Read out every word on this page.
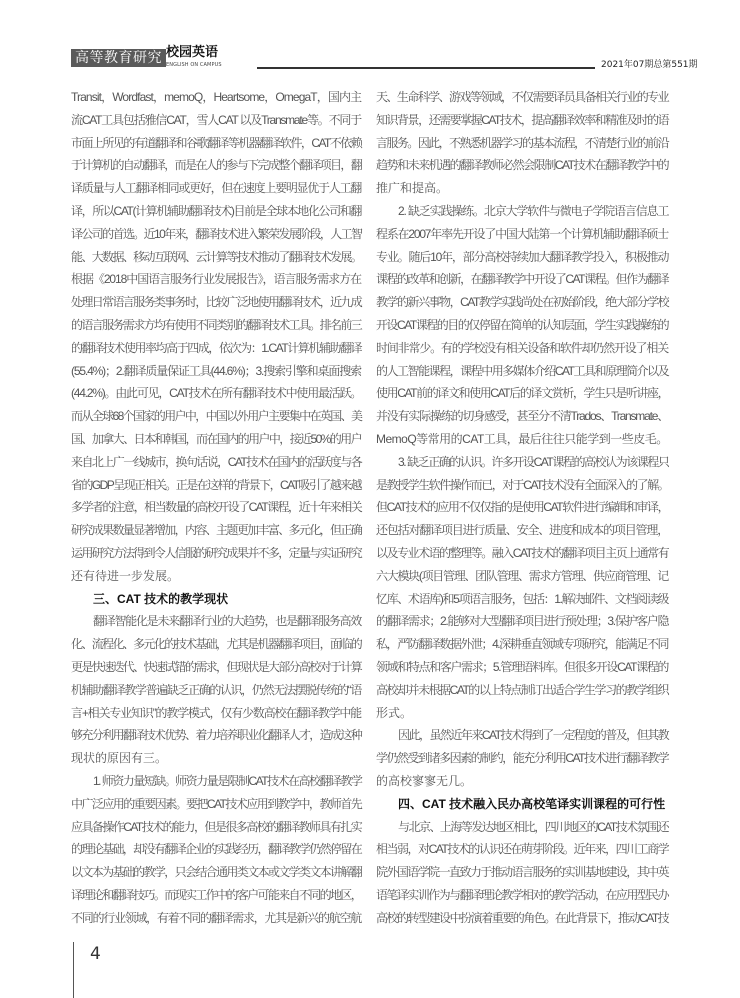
高等教育研究 校园英语
ENGLISH ON CAMPUS	2021年07期总第551期
Transit，Wordfast，memoQ，Heartsome，OmegaT，国内主
流CAT工具包括雅信CAT，雪人CAT 以及Transmate等。不同于
市面上所见的有道翻译和谷歌翻译等机器翻译软件，CAT不依赖
于计算机的自动翻译，而是在人的参与下完成整个翻译项目，翻
译质量与人工翻译相同或更好，但在速度上要明显优于人工翻
译，所以CAT(计算机辅助翻译技术)目前是全球本地化公司和翻
译公司的首选。近10年来，翻译技术进入繁荣发展阶段，人工智
能、大数据、移动互联网、云计算等技术推动了翻译技术发展。
根据《2018中国语言服务行业发展报告》，语言服务需求方在
处理日常语言服务类事务时，比较广泛地使用翻译技术，近九成
的语言服务需求方均有使用不同类别的翻译技术工具。排名前三
的翻译技术使用率均高于四成，依次为：1.CAT计算机辅助翻译
(55.4%)；2.翻译质量保证工具(44.6%)；3.搜索引擎和桌面搜索
(44.2%)。由此可见，CAT技术在所有翻译技术中使用最活跃。
而从全球68个国家的用户中，中国以外用户主要集中在英国、美
国、加拿大、日本和韩国，而在国内的用户中，接近50%的用户
来自北上广一线城市，换句话说，CAT技术在国内的活跃度与各
省的GDP呈现正相关。正是在这样的背景下，CAT吸引了越来越
多学者的注意，相当数量的高校开设了CAT课程，近十年来相关
研究成果数量显著增加，内容、主题更加丰富、多元化，但正确
运用研究方法得到令人信服的研究成果并不多，定量与实证研究
还有待进一步发展。
三、CAT 技术的教学现状
翻译智能化是未来翻译行业的大趋势，也是翻译服务高效
化、流程化、多元化的技术基础，尤其是机器翻译项目，面临的
更是快速迭代、快速试错的需求，但现状是大部分高校对于计算
机辅助翻译教学普遍缺乏正确的认识，仍然无法摆脱传统的“语
言+相关专业知识”的教学模式，仅有少数高校在翻译教学中能
够充分利用翻译技术优势、着力培养职业化翻译人才，造成这种
现状的原因有三。
1. 师资力量短缺。师资力量是限制CAT技术在高校翻译教学
中广泛应用的重要因素。要把CAT技术应用到教学中，教师首先
应具备操作CAT技术的能力，但是很多高校的翻译教师具有扎实
的理论基础，却没有翻译企业的实践经历，翻译教学仍然停留在
以文本为基础的教学，只会结合通用类文本或文学类文本讲解翻
译理论和翻译技巧。而现实工作中的客户可能来自不同的地区，
不同的行业领域，有着不同的翻译需求，尤其是新兴的航空航
天、生命科学、游戏等领域，不仅需要译员具备相关行业的专业
知识背景，还需要掌握CAT技术，提高翻译效率和精准及时的语
言服务。因此，不熟悉机器学习的基本流程，不清楚行业的前沿
趋势和未来机遇的翻译教师必然会限制CAT技术在翻译教学中的
推广和提高。
2. 缺乏实践操练。北京大学软件与微电子学院语言信息工
程系在2007年率先开设了中国大陆第一个计算机辅助翻译硕士
专业。随后10年，部分高校持续加大翻译教学投入，积极推动
课程的改革和创新，在翻译教学中开设了CAT课程。但作为翻译
教学的新兴事物，CAT教学实践尚处在初始阶段，绝大部分学校
开设CAT课程的目的仅停留在简单的认知层面，学生实践操练的
时间非常少。有的学校没有相关设备和软件却仍然开设了相关
的人工智能课程，课程中用多媒体介绍CAT工具和原理简介以及
使用CAT前的译文和使用CAT后的译文赏析，学生只是听讲座，
并没有实际操练的切身感受，甚至分不清Trados、Transmate、
MemoQ等常用的CAT工具，最后往往只能学到一些皮毛。
3. 缺乏正确的认识。许多开设CAT课程的高校认为该课程只
是教授学生软件操作而已，对于CAT技术没有全面深入的了解。
但CAT技术的应用不仅仅指的是使用CAT软件进行编辑和审译，
还包括对翻译项目进行质量、安全、进度和成本的项目管理，
以及专业术语的整理等。融入CAT技术的翻译项目主页上通常有
六大模块(项目管理、团队管理、需求方管理、供应商管理、记
忆库、术语库)和5项语言服务，包括：1.解决邮件、文档阅读级
的翻译需求；2.能够对大型翻译项目进行预处理；3.保护客户隐
私，严防翻译数据外泄；4.深耕垂直领域专项研究，能满足不同
领域和特点和客户需求；5.管理语料库。但很多开设CAT课程的
高校却并未根据CAT的以上特点制订出适合学生学习的教学组织
形式。
因此，虽然近年来CAT技术得到了一定程度的普及，但其教
学仍然受到诸多因素的制约，能充分利用CAT技术进行翻译教学
的高校寥寥无几。
四、CAT 技术融入民办高校笔译实训课程的可行性
与北京、上海等发达地区相比，四川地区的CAT技术氛围还
相当弱，对CAT技术的认识还在萌芽阶段。近年来，四川工商学
院外国语学院一直致力于推动语言服务的实训基地建设，其中英
语笔译实训作为与翻译理论教学相对的教学活动，在应用型民办
高校的转型建设中扮演着重要的角色。在此背景下，推动CAT技
4
